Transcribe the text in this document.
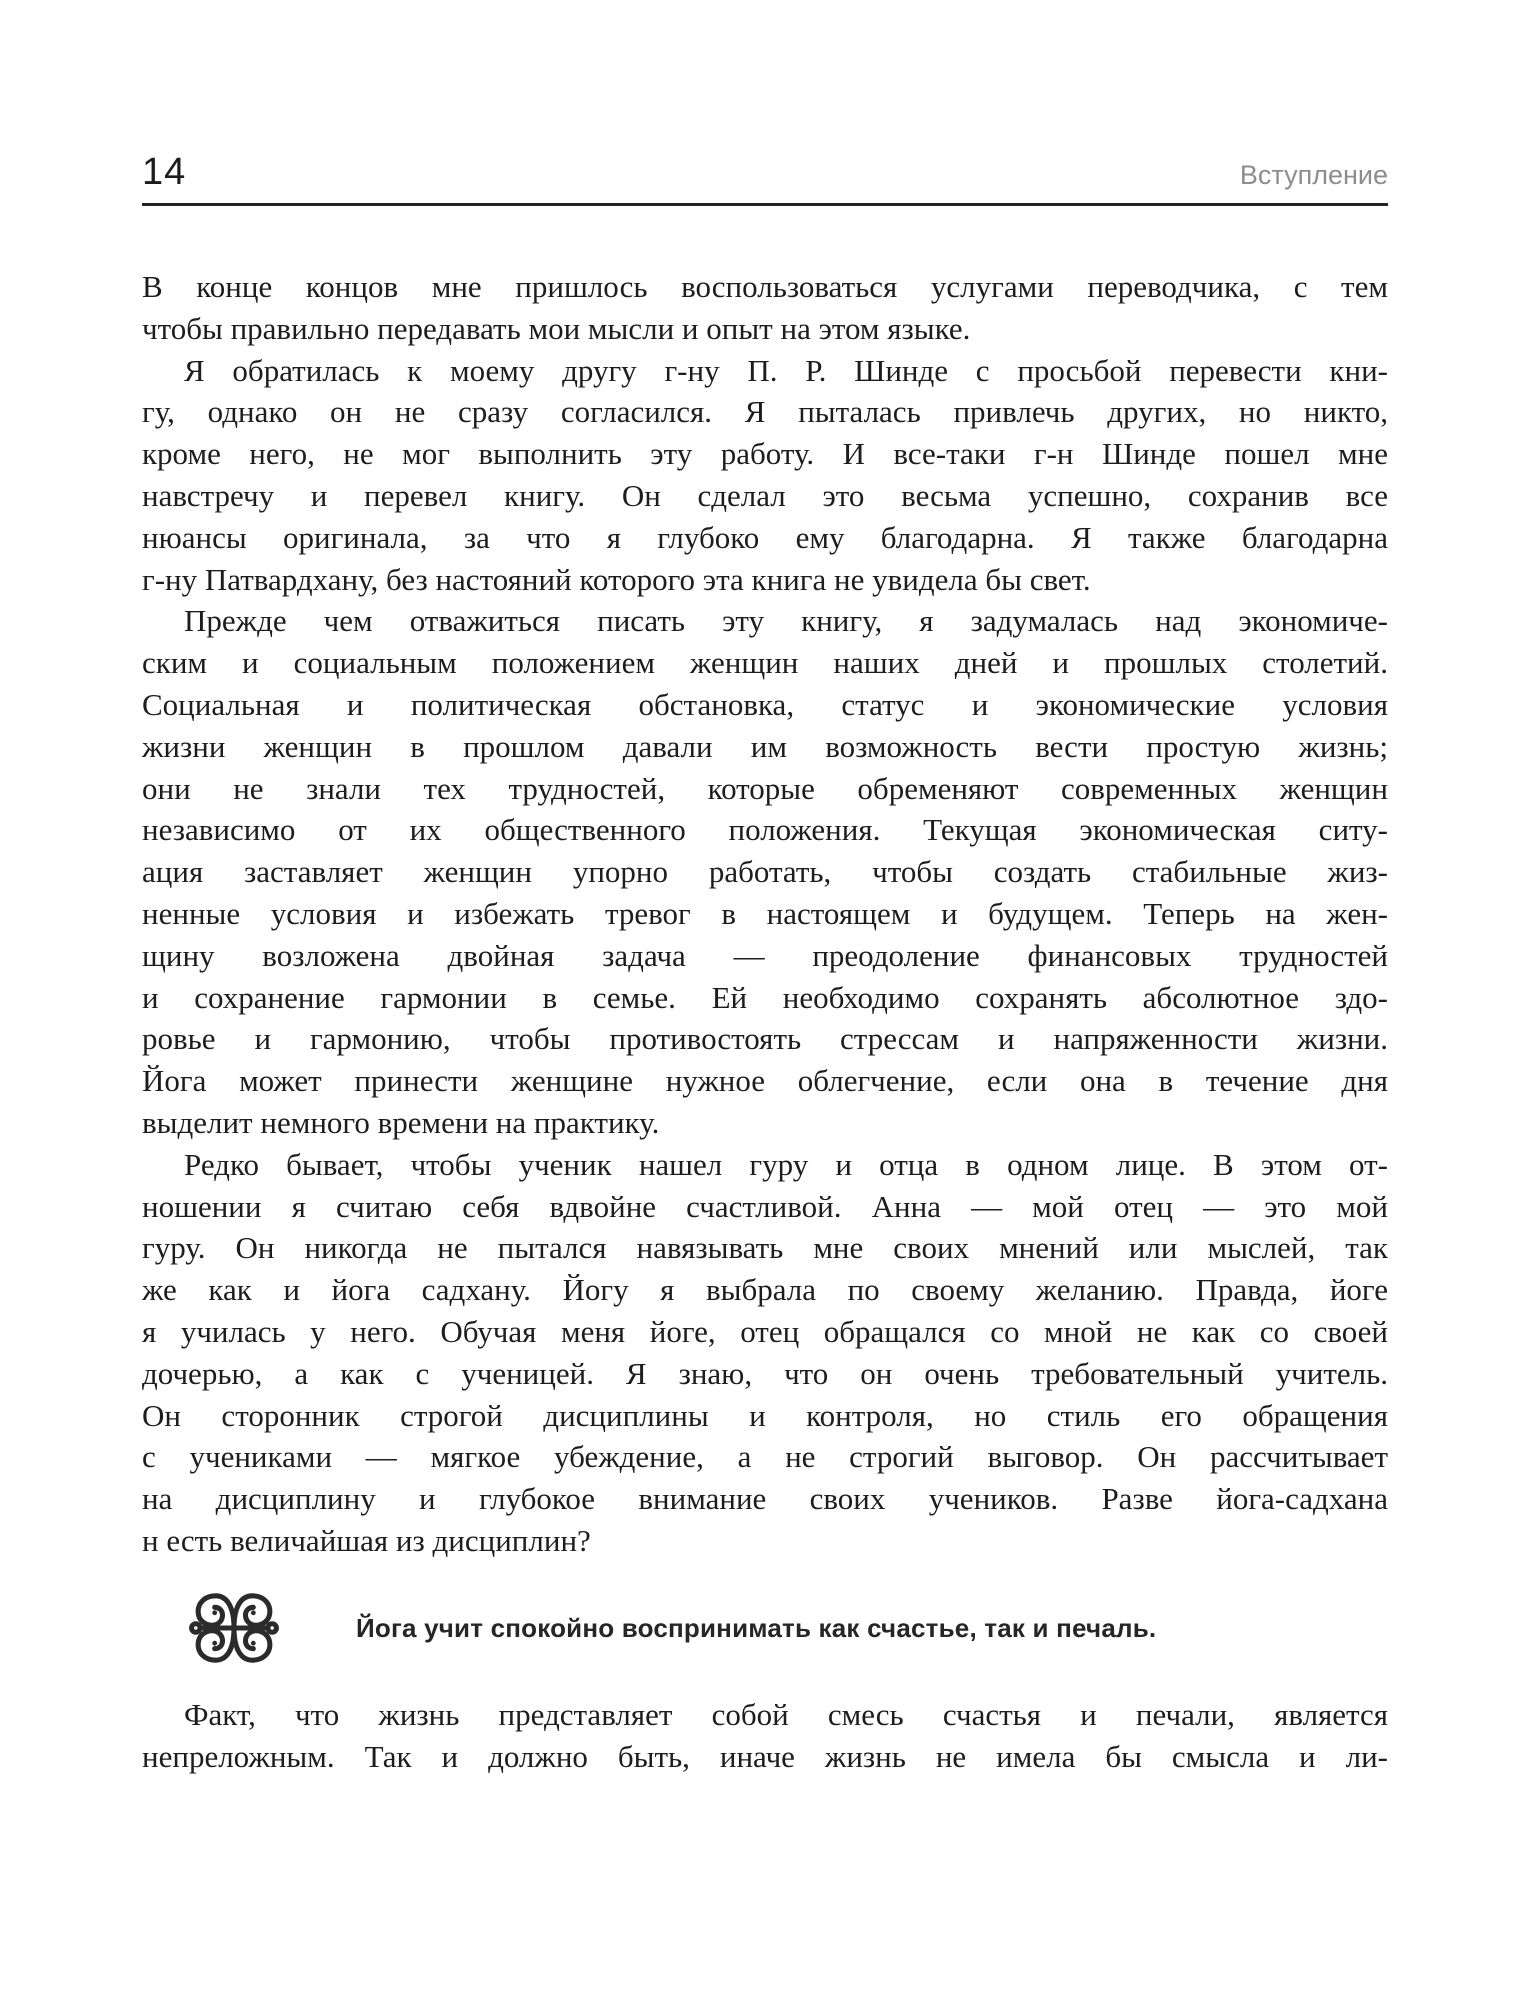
14	Вступление
В конце концов мне пришлось воспользоваться услугами переводчика, с тем
чтобы правильно передавать мои мысли и опыт на этом языке.
Я обратилась к моему другу г-ну П. Р. Шинде с просьбой перевести кни-
гу, однако он не сразу согласился. Я пыталась привлечь других, но никто,
кроме него, не мог выполнить эту работу. И все-таки г-н Шинде пошел мне
навстречу и перевел книгу. Он сделал это весьма успешно, сохранив все
нюансы оригинала, за что я глубоко ему благодарна. Я также благодарна
г-ну Патвардхану, без настояний которого эта книга не увидела бы свет.
Прежде чем отважиться писать эту книгу, я задумалась над экономиче-
ским и социальным положением женщин наших дней и прошлых столетий.
Социальная и политическая обстановка, статус и экономические условия
жизни женщин в прошлом давали им возможность вести простую жизнь;
они не знали тех трудностей, которые обременяют современных женщин
независимо от их общественного положения. Текущая экономическая ситу-
ация заставляет женщин упорно работать, чтобы создать стабильные жиз-
ненные условия и избежать тревог в настоящем и будущем. Теперь на жен-
щину возложена двойная задача — преодоление финансовых трудностей
и сохранение гармонии в семье. Ей необходимо сохранять абсолютное здо-
ровье и гармонию, чтобы противостоять стрессам и напряженности жизни.
Йога может принести женщине нужное облегчение, если она в течение дня
выделит немного времени на практику.
Редко бывает, чтобы ученик нашел гуру и отца в одном лице. В этом от-
ношении я считаю себя вдвойне счастливой. Анна — мой отец — это мой
гуру. Он никогда не пытался навязывать мне своих мнений или мыслей, так
же как и йога садхану. Йогу я выбрала по своему желанию. Правда, йоге
я училась у него. Обучая меня йоге, отец обращался со мной не как со своей
дочерью, а как с ученицей. Я знаю, что он очень требовательный учитель.
Он сторонник строгой дисциплины и контроля, но стиль его обращения
с учениками — мягкое убеждение, а не строгий выговор. Он рассчитывает
на дисциплину и глубокое внимание своих учеников. Разве йога-садхана
н есть величайшая из дисциплин?
Йога учит спокойно воспринимать как счастье, так и печаль.
Факт, что жизнь представляет собой смесь счастья и печали, является
непреложным. Так и должно быть, иначе жизнь не имела бы смысла и ли-
